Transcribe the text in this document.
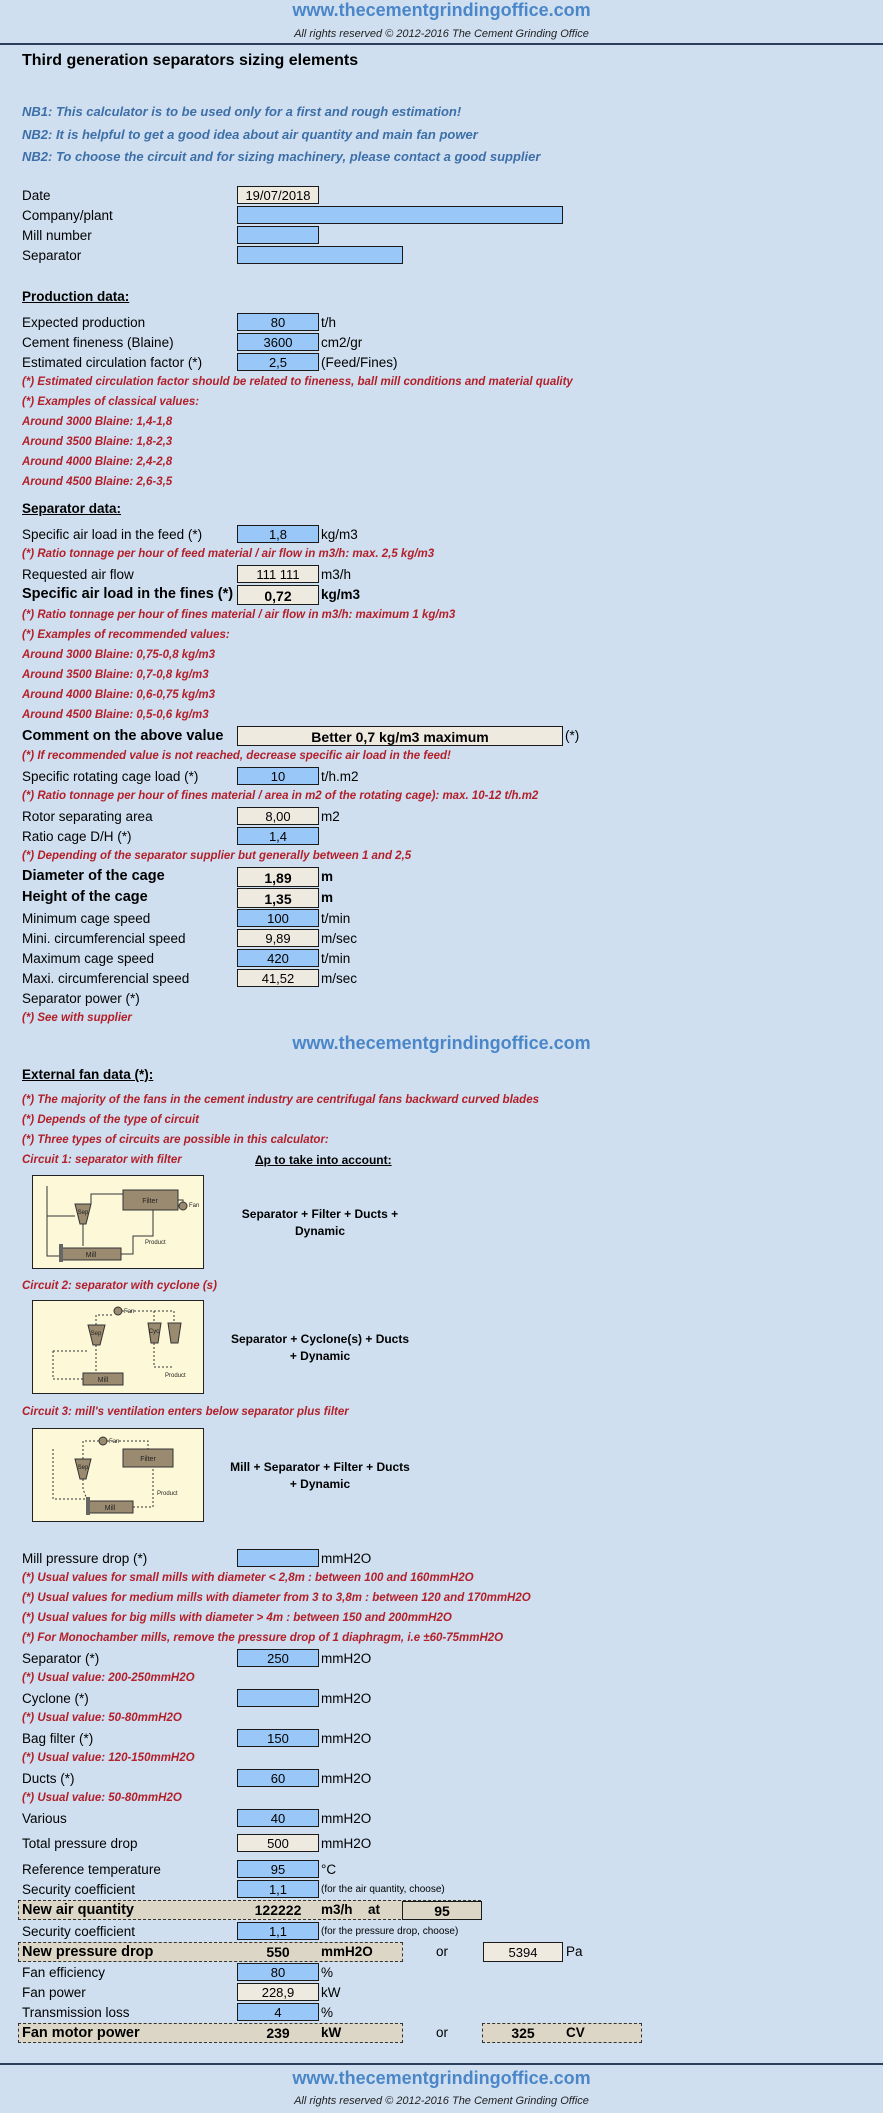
www.thecementgrindingoffice.com
All rights reserved © 2012-2016 The Cement Grinding Office
Third generation separators sizing elements
NB1: This calculator is to be used only for a first and rough estimation!
NB2: It is helpful to get a good idea about air quantity and main fan power
NB2: To choose the circuit and for sizing machinery, please contact a good supplier
Date	19/07/2018
Company/plant
Mill number
Separator
Production data:
Expected production	80	t/h
Cement fineness (Blaine)	3600	cm2/gr
Estimated circulation factor (*)	2,5	(Feed/Fines)
(*) Estimated circulation factor should be related to fineness, ball mill conditions and material quality
(*) Examples of classical values:
Around 3000 Blaine: 1,4-1,8
Around 3500 Blaine: 1,8-2,3
Around 4000 Blaine: 2,4-2,8
Around 4500 Blaine: 2,6-3,5
Separator data:
Specific air load in the feed (*)	1,8	kg/m3
(*) Ratio tonnage per hour of feed material / air flow in m3/h: max. 2,5 kg/m3
Requested air flow	111 111	m3/h
Specific air load in the fines (*)	0,72	kg/m3
(*) Ratio tonnage per hour of fines material / air flow in m3/h: maximum 1 kg/m3
(*) Examples of recommended values:
Around 3000 Blaine: 0,75-0,8 kg/m3
Around 3500 Blaine: 0,7-0,8 kg/m3
Around 4000 Blaine: 0,6-0,75 kg/m3
Around 4500 Blaine: 0,5-0,6 kg/m3
Comment on the above value	Better 0,7 kg/m3 maximum	(*)
(*) If recommended value is not reached, decrease specific air load in the feed!
Specific rotating cage load (*)	10	t/h.m2
(*) Ratio tonnage per hour of fines material / area in m2 of the rotating cage): max. 10-12 t/h.m2
Rotor separating area	8,00	m2
Ratio cage D/H (*)	1,4
(*) Depending of the separator supplier but generally between 1 and 2,5
Diameter of the cage	1,89	m
Height of the cage	1,35	m
Minimum cage speed	100	t/min
Mini. circumferencial speed	9,89	m/sec
Maximum cage speed	420	t/min
Maxi. circumferencial speed	41,52	m/sec
Separator power (*)
(*) See with supplier
www.thecementgrindingoffice.com
External fan data (*):
(*) The majority of the fans in the cement industry are centrifugal fans backward curved blades
(*) Depends of the type of circuit
(*) Three types of circuits are possible in this calculator:
Circuit 1: separator with filter	Δp to take into account:
Filter
Fan
Sep
Mill
Product
Separator + Filter + Ducts + Dynamic
Circuit 2: separator with cyclone (s)
Fan
Sep	Cyc
Mill
Product
Separator + Cyclone(s) + Ducts + Dynamic
Circuit 3: mill's ventilation enters below separator plus filter
Filter
Fan
Sep
Mill
Product
Mill + Separator + Filter + Ducts + Dynamic
Mill pressure drop (*)	mmH2O
(*) Usual values for small mills with diameter < 2,8m : between 100 and 160mmH2O
(*) Usual values for medium mills with diameter from 3 to 3,8m : between 120 and 170mmH2O
(*) Usual values for big mills with diameter > 4m : between 150 and 200mmH2O
(*) For Monochamber mills, remove the pressure drop of 1 diaphragm, i.e ±60-75mmH2O
Separator (*)	250	mmH2O
(*) Usual value: 200-250mmH2O
Cyclone (*)	mmH2O
(*) Usual value: 50-80mmH2O
Bag filter (*)	150	mmH2O
(*) Usual value: 120-150mmH2O
Ducts (*)	60	mmH2O
(*) Usual value: 50-80mmH2O
Various	40	mmH2O
Total pressure drop	500	mmH2O
Reference temperature	95	°C
Security coefficient	1,1	(for the air quantity, choose)
New air quantity	122222	m3/h at	95
Security coefficient	1,1	(for the pressure drop, choose)
New pressure drop	550	mmH2O	or	5394	Pa
Fan efficiency	80	%
Fan power	228,9	kW
Transmission loss	4	%
Fan motor power	239	kW	or	325	CV
www.thecementgrindingoffice.com
All rights reserved © 2012-2016 The Cement Grinding Office
